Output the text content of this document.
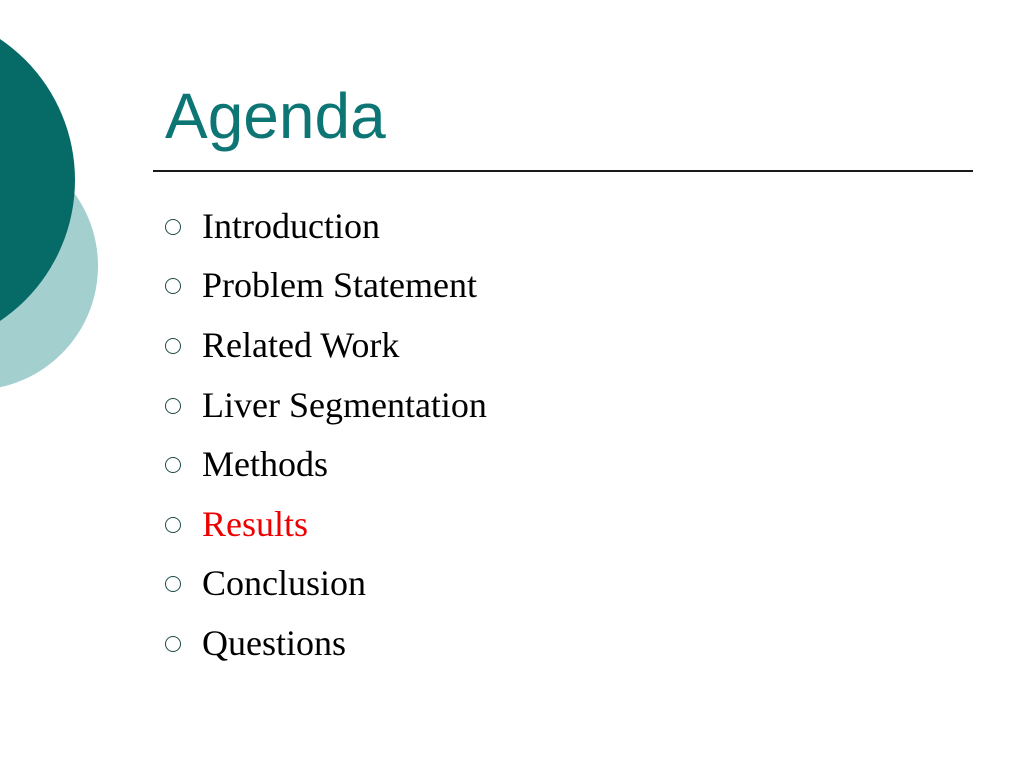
Agenda
Introduction
Problem Statement
Related Work
Liver Segmentation
Methods
Results
Conclusion
Questions
